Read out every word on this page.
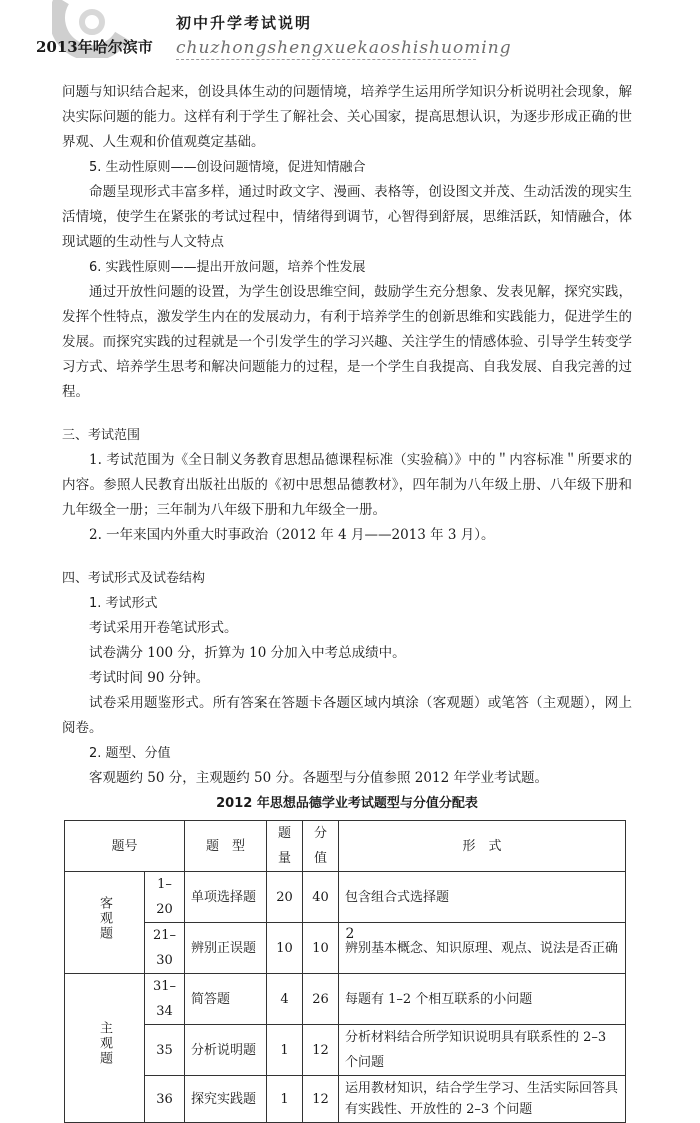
2013年哈尔滨市
初中升学考试说明
chuzhongshengxuekaoshishuoming

问题与知识结合起来，创设具体生动的问题情境，培养学生运用所学知识分析说明社会现象，解决实际问题的能力。这样有利于学生了解社会、关心国家，提高思想认识，为逐步形成正确的世界观、人生观和价值观奠定基础。

5. 生动性原则——创设问题情境，促进知情融合

命题呈现形式丰富多样，通过时政文字、漫画、表格等，创设图文并茂、生动活泼的现实生活情境，使学生在紧张的考试过程中，情绪得到调节，心智得到舒展，思维活跃，知情融合，体现试题的生动性与人文特点

6. 实践性原则——提出开放问题，培养个性发展

通过开放性问题的设置，为学生创设思维空间，鼓励学生充分想象、发表见解，探究实践，发挥个性特点，激发学生内在的发展动力，有利于培养学生的创新思维和实践能力，促进学生的发展。而探究实践的过程就是一个引发学生的学习兴趣、关注学生的情感体验、引导学生转变学习方式、培养学生思考和解决问题能力的过程，是一个学生自我提高、自我发展、自我完善的过程。

三、考试范围

1. 考试范围为《全日制义务教育思想品德课程标准（实验稿）》中的＂内容标准＂所要求的内容。参照人民教育出版社出版的《初中思想品德教材》，四年制为八年级上册、八年级下册和九年级全一册；三年制为八年级下册和九年级全一册。

2. 一年来国内外重大时事政治（2012 年 4 月——2013 年 3 月）。

四、考试形式及试卷结构

1. 考试形式

考试采用开卷笔试形式。

试卷满分 100 分，折算为 10 分加入中考总成绩中。

考试时间 90 分钟。

试卷采用题鉴形式。所有答案在答题卡各题区域内填涂（客观题）或笔答（主观题），网上阅卷。

2. 题型、分值

客观题约 50 分，主观题约 50 分。各题型与分值参照 2012 年学业考试题。

2012 年思想品德学业考试题型与分值分配表

题号		题　型	题量	分值	形　式
客观题	1–20	单项选择题	20	40	包含组合式选择题
	21–30	辨别正误题	10	10	辨别基本概念、知识原理、观点、说法是否正确
主观题	31–34	简答题	4	26	每题有 1–2 个相互联系的小问题
	35	分析说明题	1	12	分析材料结合所学知识说明具有联系性的 2–3 个问题
	36	探究实践题	1	12	运用教材知识，结合学生学习、生活实际回答具有实践性、开放性的 2–3 个问题
2
